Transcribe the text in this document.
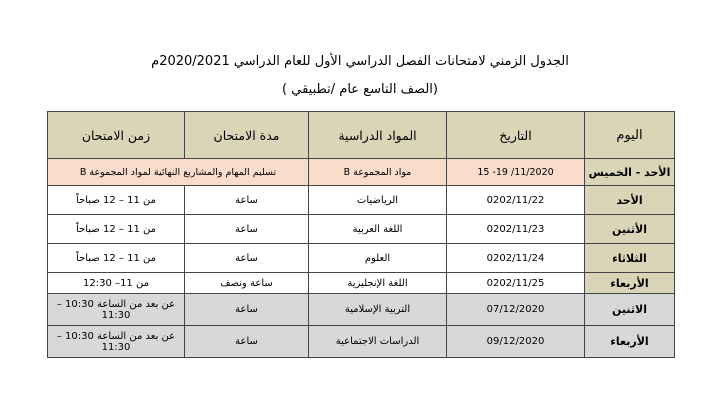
الجدول الزمني لامتحانات الفصل الدراسي الأول للعام الدراسي 2020/2021م
(الصف التاسع عام /تطبيقي )
اليوم	التاريخ	المواد الدراسية	مدة الامتحان	زمن الامتحان
الأحد - الخميس	15 -19 /11/2020	مواد المجموعة B	تسليم المهام والمشاريع النهائية لمواد المجموعة B	
الأحد	0202/11/22	الرياضيات	ساعة	من 11 – 12 صباحاً
الأثنين	0202/11/23	اللغة العربية	ساعة	من 11 – 12 صباحاً
الثلاثاء	0202/11/24	العلوم	ساعة	من 11 – 12 صباحاً
الأربعاء	0202/11/25	اللغة الإنجليزية	ساعة ونصف	من 11– 12:30
الاثنين	07/12/2020	التربية الإسلامية	ساعة	عن بعد من الساعة 10:30 – 11:30
الأربعاء	09/12/2020	الدراسات الاجتماعية	ساعة	عن بعد من الساعة 10:30 – 11:30
